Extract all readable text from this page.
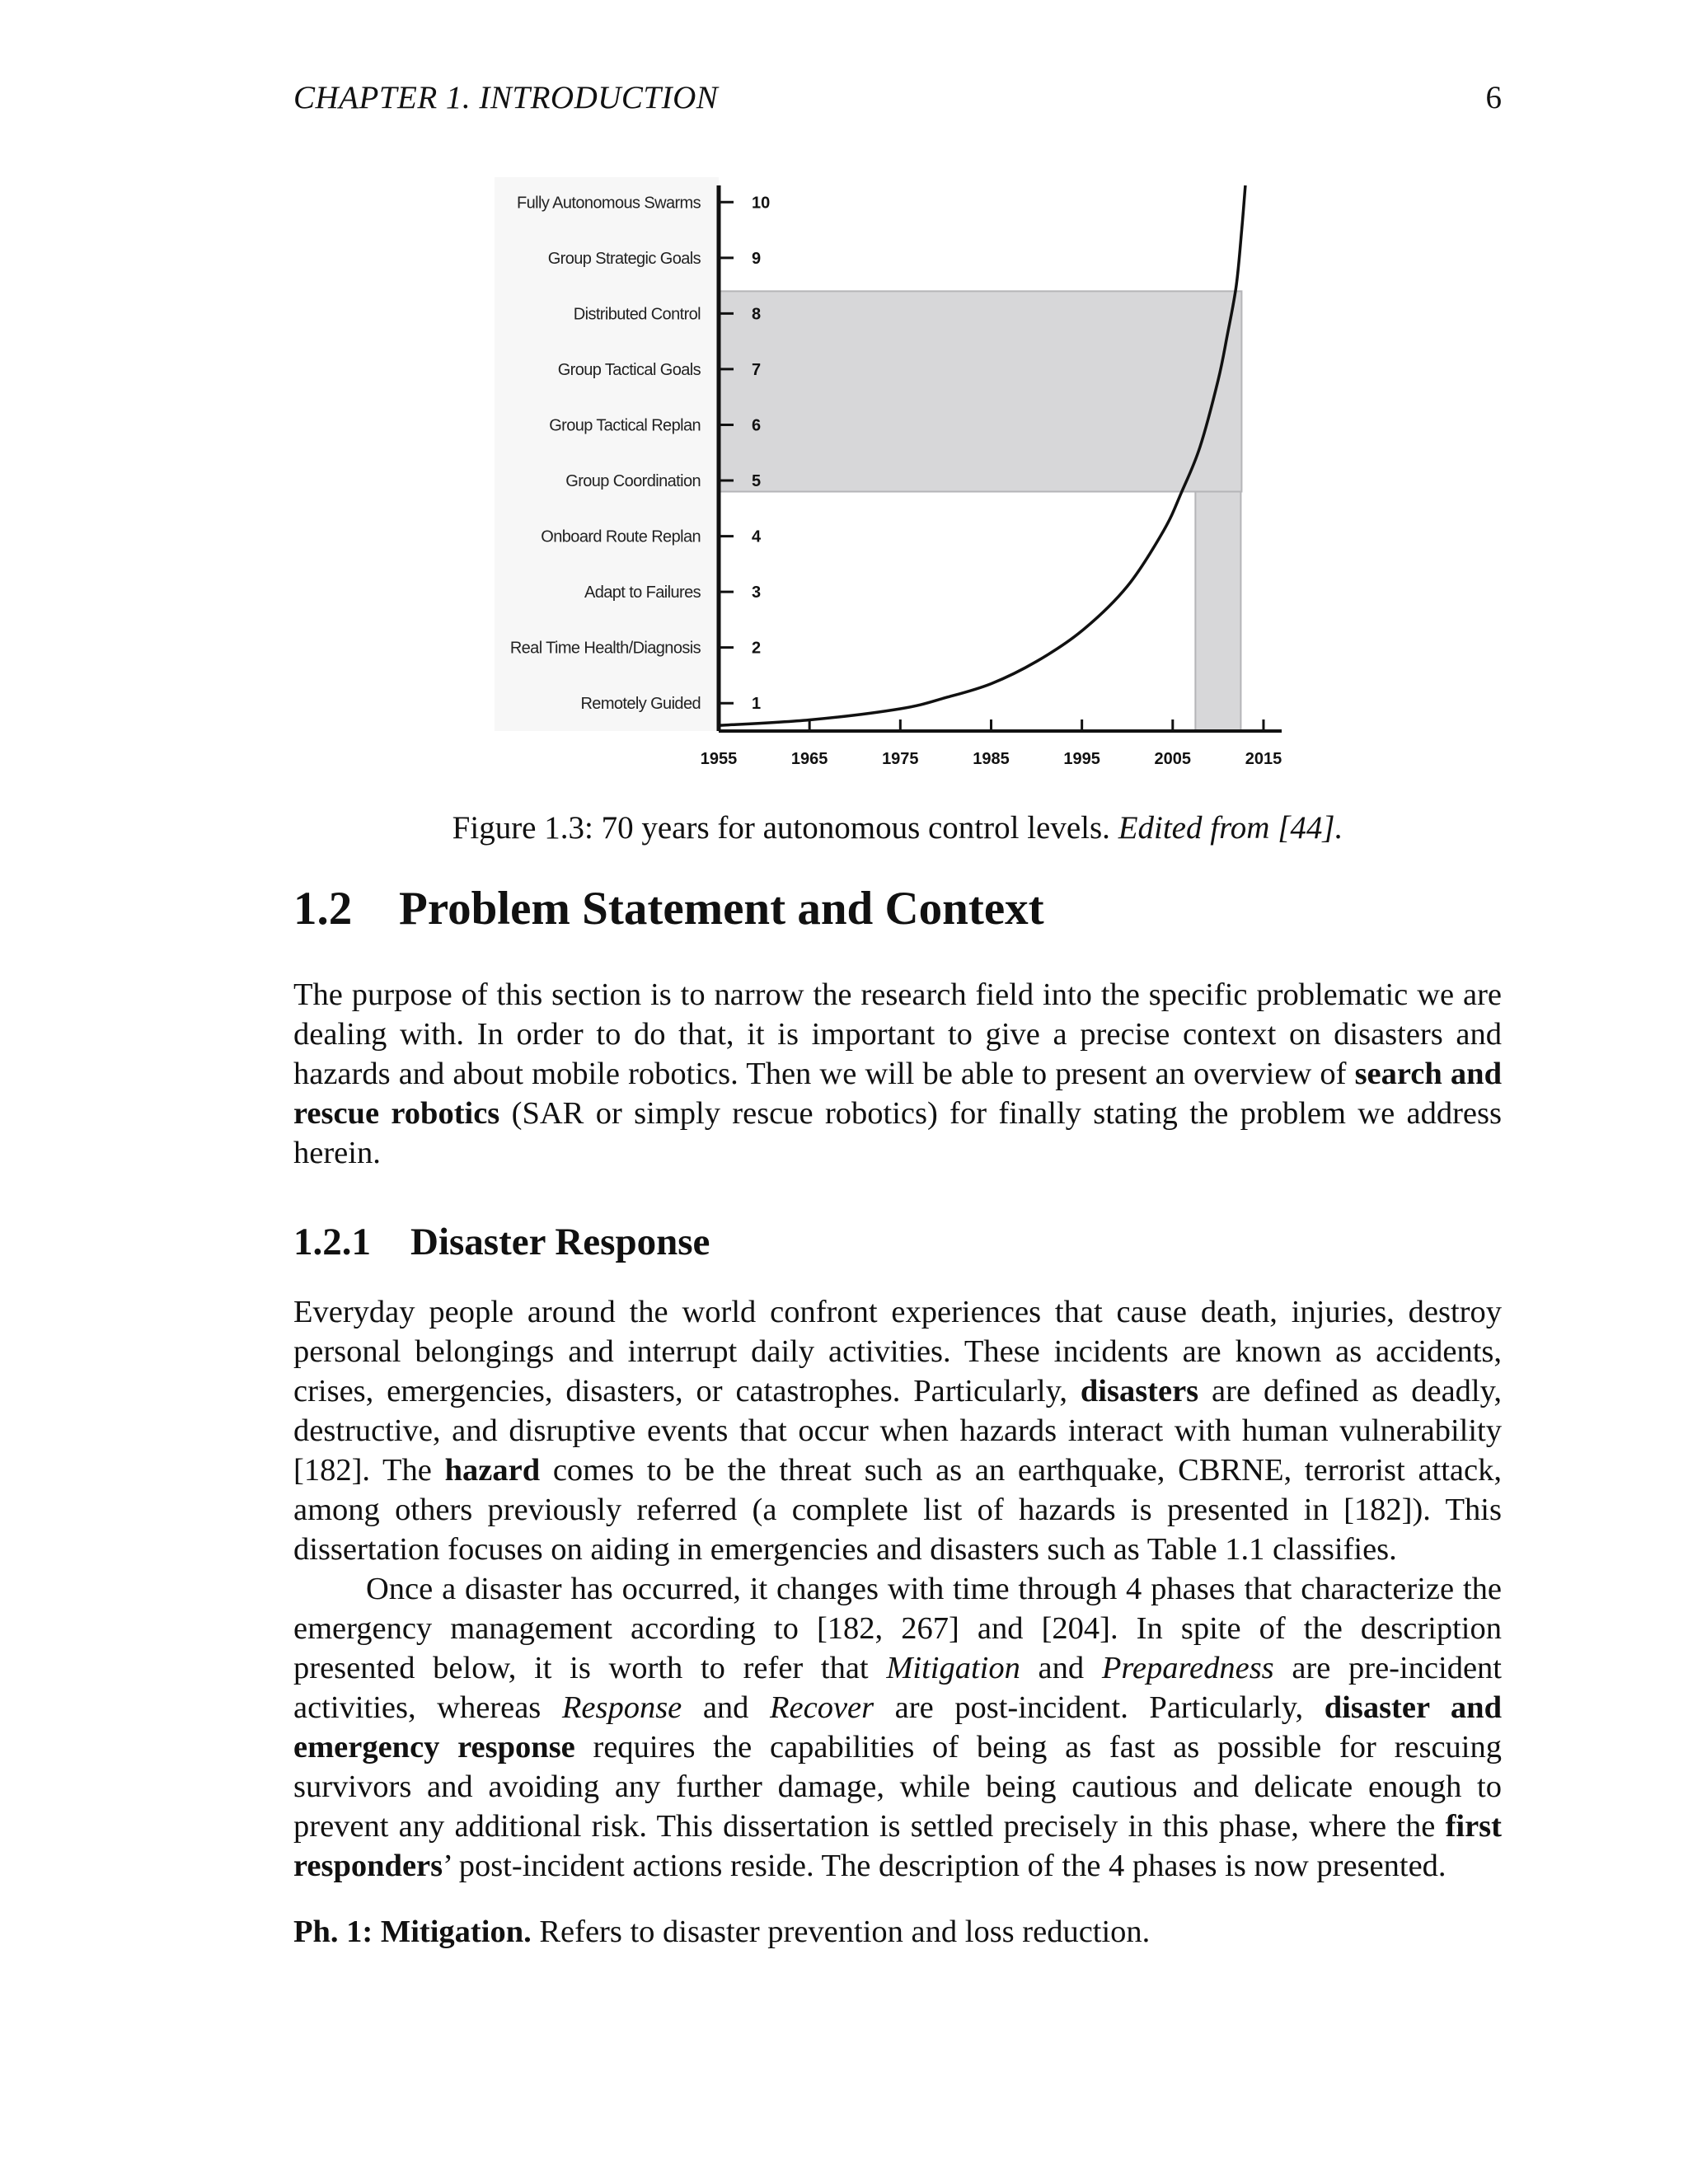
CHAPTER 1. INTRODUCTION	6
1
Remotely Guided
2
Real Time Health/Diagnosis
3
Adapt to Failures
4
Onboard Route Replan
5
Group Coordination
6
Group Tactical Replan
7
Group Tactical Goals
8
Distributed Control
9
Group Strategic Goals
10
Fully Autonomous Swarms
1955	1965	1975	1985	1995	2005	2015
Figure 1.3: 70 years for autonomous control levels. Edited from [44].
1.2 Problem Statement and Context

The purpose of this section is to narrow the research field into the specific problematic we are dealing with. In order to do that, it is important to give a precise context on disasters and hazards and about mobile robotics. Then we will be able to present an overview of search and rescue robotics (SAR or simply rescue robotics) for finally stating the problem we address herein.

1.2.1 Disaster Response

Everyday people around the world confront experiences that cause death, injuries, destroy personal belongings and interrupt daily activities. These incidents are known as accidents, crises, emergencies, disasters, or catastrophes. Particularly, disasters are defined as deadly, destructive, and disruptive events that occur when hazards interact with human vulnerability [182]. The hazard comes to be the threat such as an earthquake, CBRNE, terrorist attack, among others previously referred (a complete list of hazards is presented in [182]). This dissertation focuses on aiding in emergencies and disasters such as Table 1.1 classifies.

Once a disaster has occurred, it changes with time through 4 phases that characterize the emergency management according to [182, 267] and [204]. In spite of the description presented below, it is worth to refer that Mitigation and Preparedness are pre-incident activities, whereas Response and Recover are post-incident. Particularly, disaster and emergency response requires the capabilities of being as fast as possible for rescuing survivors and avoiding any further damage, while being cautious and delicate enough to prevent any additional risk. This dissertation is settled precisely in this phase, where the first responders’ post-incident actions reside. The description of the 4 phases is now presented.

Ph. 1: Mitigation. Refers to disaster prevention and loss reduction.
